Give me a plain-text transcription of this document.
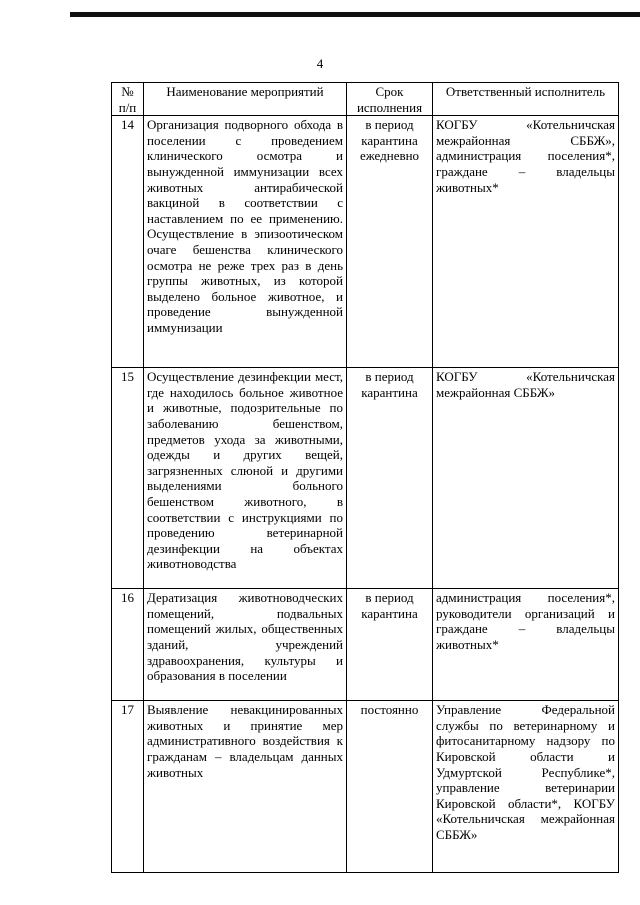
4
№ п/п	Наименование мероприятий	Срок исполнения	Ответственный исполнитель
14	Организация подворного обхода в поселении с проведением клинического осмотра и вынужденной иммунизации всех животных антирабической вакциной в соответствии с наставлением по ее применению. Осуществление в эпизоотическом очаге бешенства клинического осмотра не реже трех раз в день группы животных, из которой выделено больное животное, и проведение вынужденной иммунизации	в период карантина ежедневно	КОГБУ «Котельничская межрайонная СББЖ», администрация поселения*, граждане – владельцы животных*
15	Осуществление дезинфекции мест, где находилось больное животное и животные, подозрительные по заболеванию бешенством, предметов ухода за животными, одежды и других вещей, загрязненных слюной и другими выделениями больного бешенством животного, в соответствии с инструкциями по проведению ветеринарной дезинфекции на объектах животноводства	в период карантина	КОГБУ «Котельничская межрайонная СББЖ»
16	Дератизация животноводческих помещений, подвальных помещений жилых, общественных зданий, учреждений здравоохранения, культуры и образования в поселении	в период карантина	администрация поселения*, руководители организаций и граждане – владельцы животных*
17	Выявление невакцинированных животных и принятие мер административного воздействия к гражданам – владельцам данных животных	постоянно	Управление Федеральной службы по ветеринарному и фитосанитарному надзору по Кировской области и Удмуртской Республике*, управление ветеринарии Кировской области*, КОГБУ «Котельничская межрайонная СББЖ»
